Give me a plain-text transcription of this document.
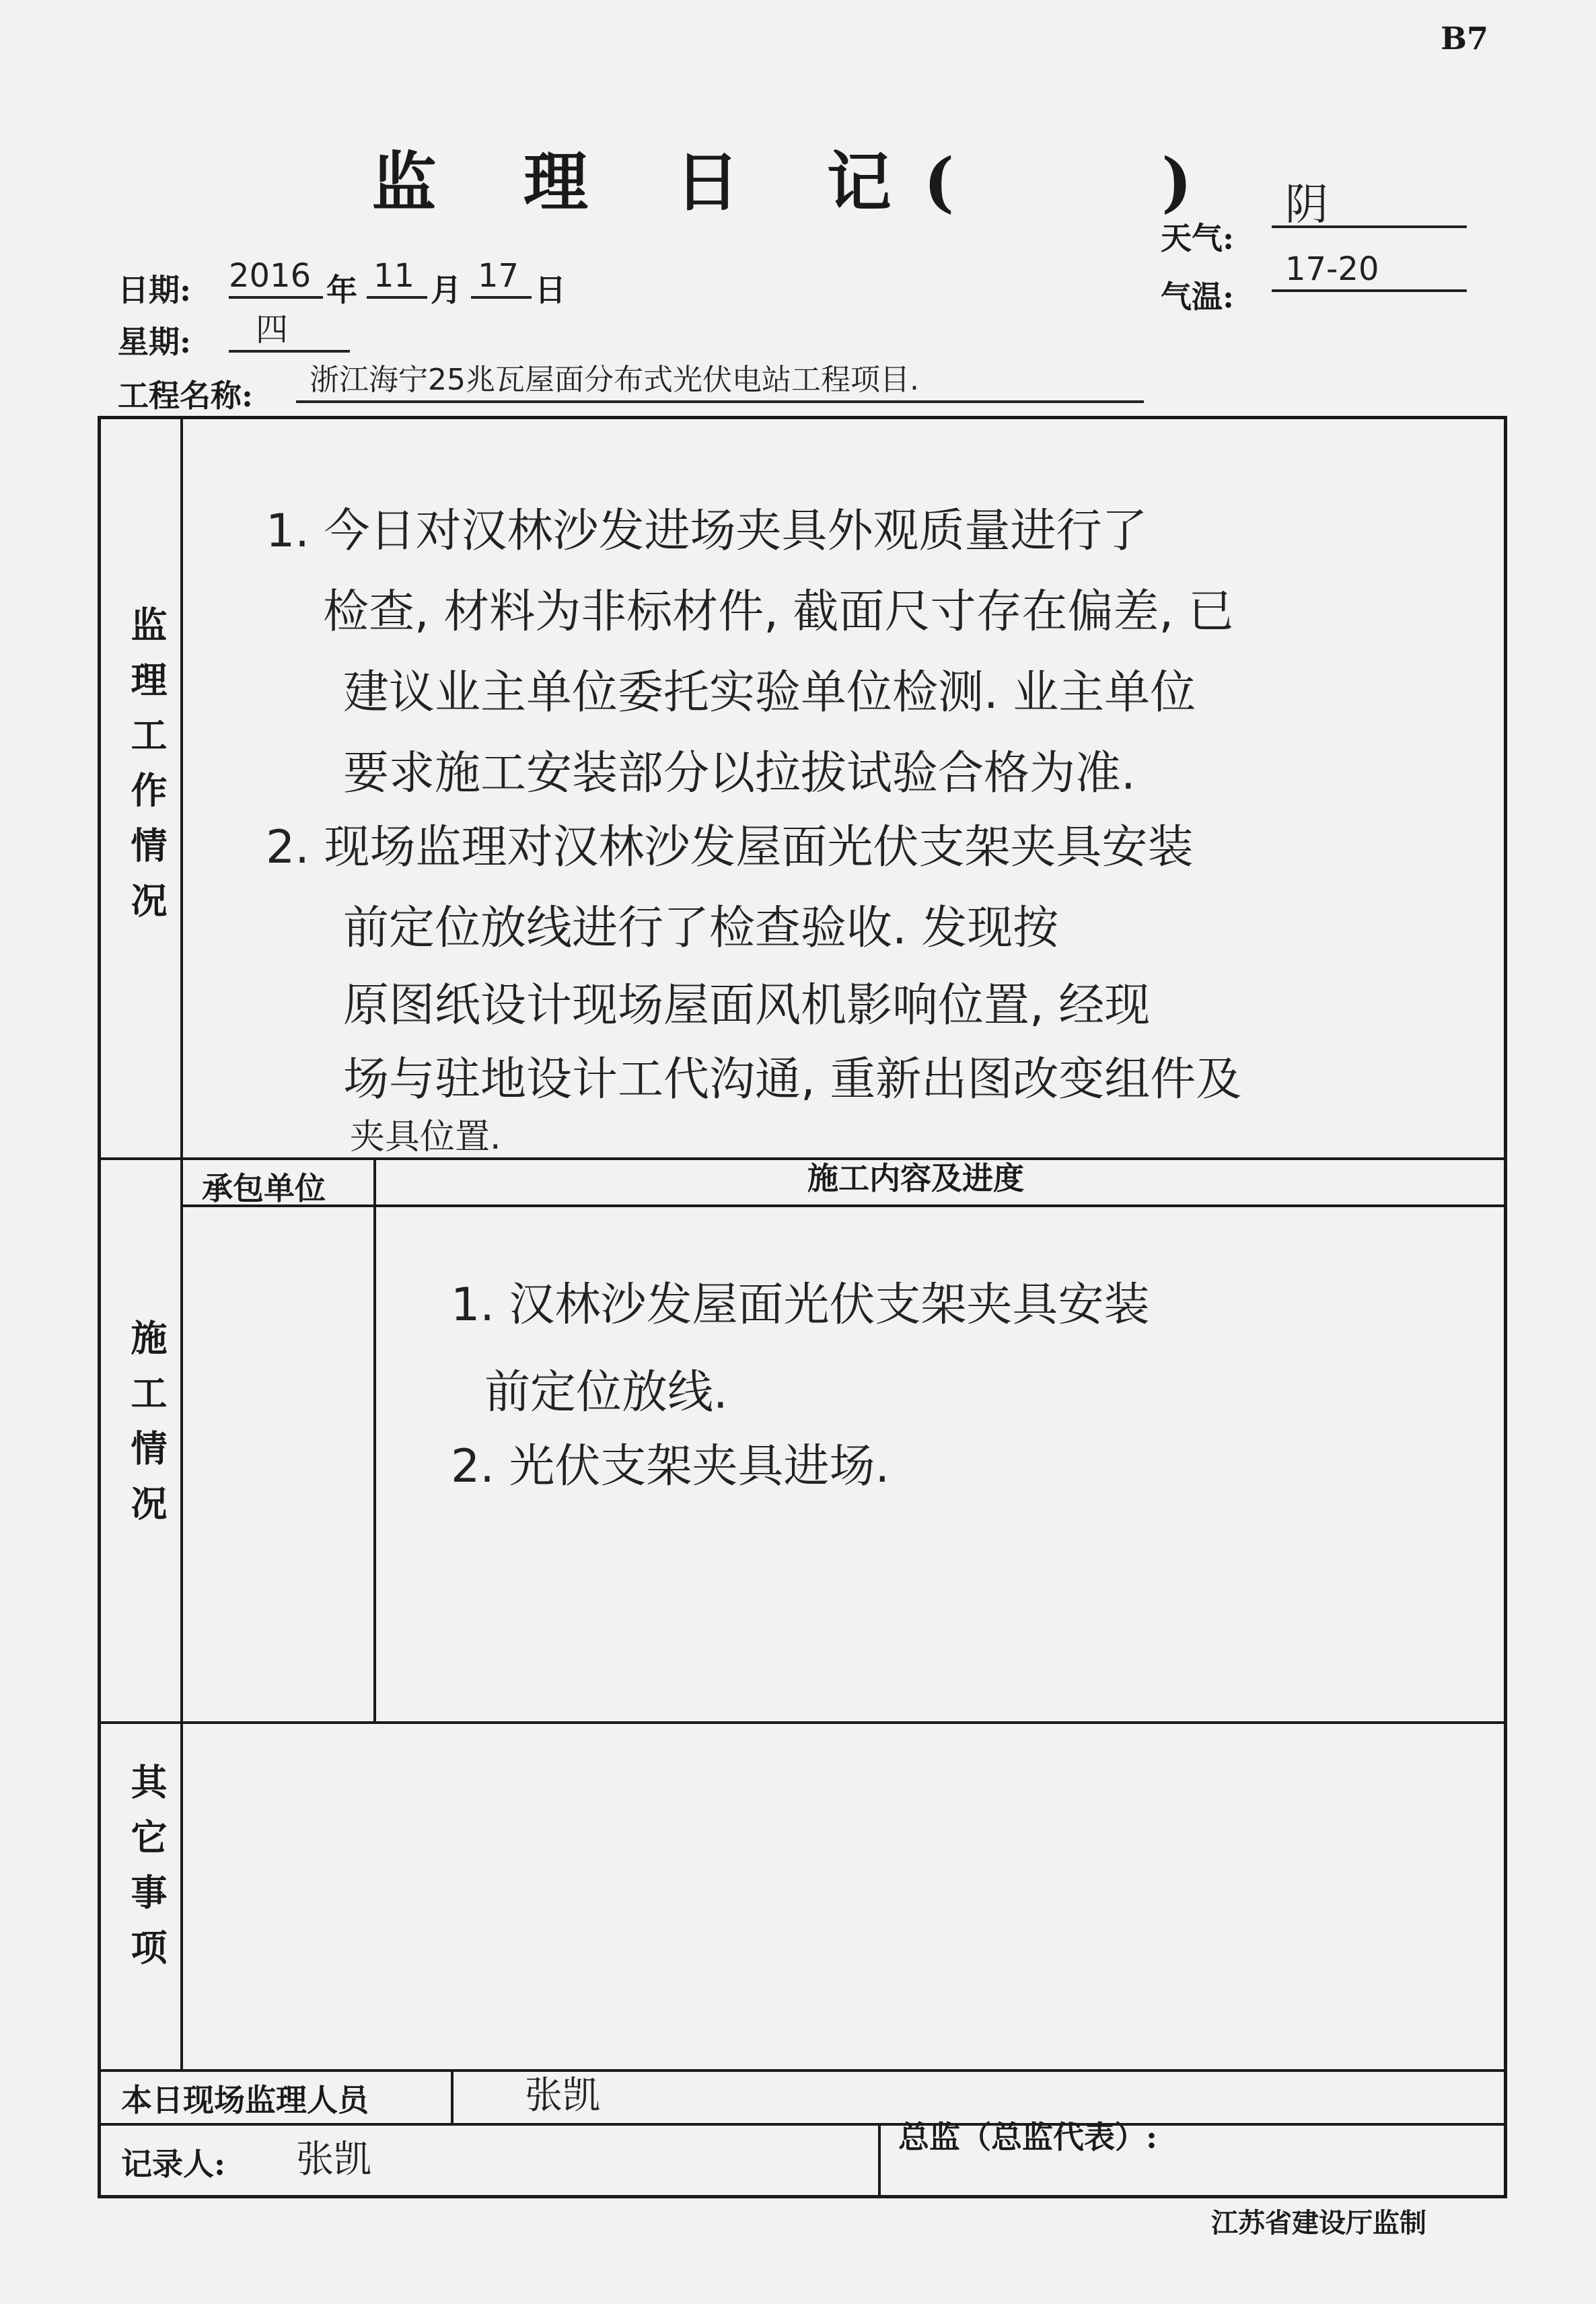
B7
监 理 日 记(	)
天气:
阴
气温:
17-20
日期: 2016 年 11 月 17 日
星期:	四
工程名称:	浙江海宁25兆瓦屋面分布式光伏电站工程项目.
监理工作情况
1. 今日对汉林沙发进场夹具外观质量进行了
检查, 材料为非标材件, 截面尺寸存在偏差, 已
建议业主单位委托实验单位检测. 业主单位
要求施工安装部分以拉拔试验合格为准.
2. 现场监理对汉林沙发屋面光伏支架夹具安装
前定位放线进行了检查验收. 发现按
原图纸设计现场屋面风机影响位置, 经现
场与驻地设计工代沟通, 重新出图改变组件及
夹具位置.
承包单位	施工内容及进度
施工情况
1. 汉林沙发屋面光伏支架夹具安装
前定位放线.
2. 光伏支架夹具进场.
其它事项
本日现场监理人员	张凯
记录人: 张凯
总监（总监代表）:
江苏省建设厅监制
